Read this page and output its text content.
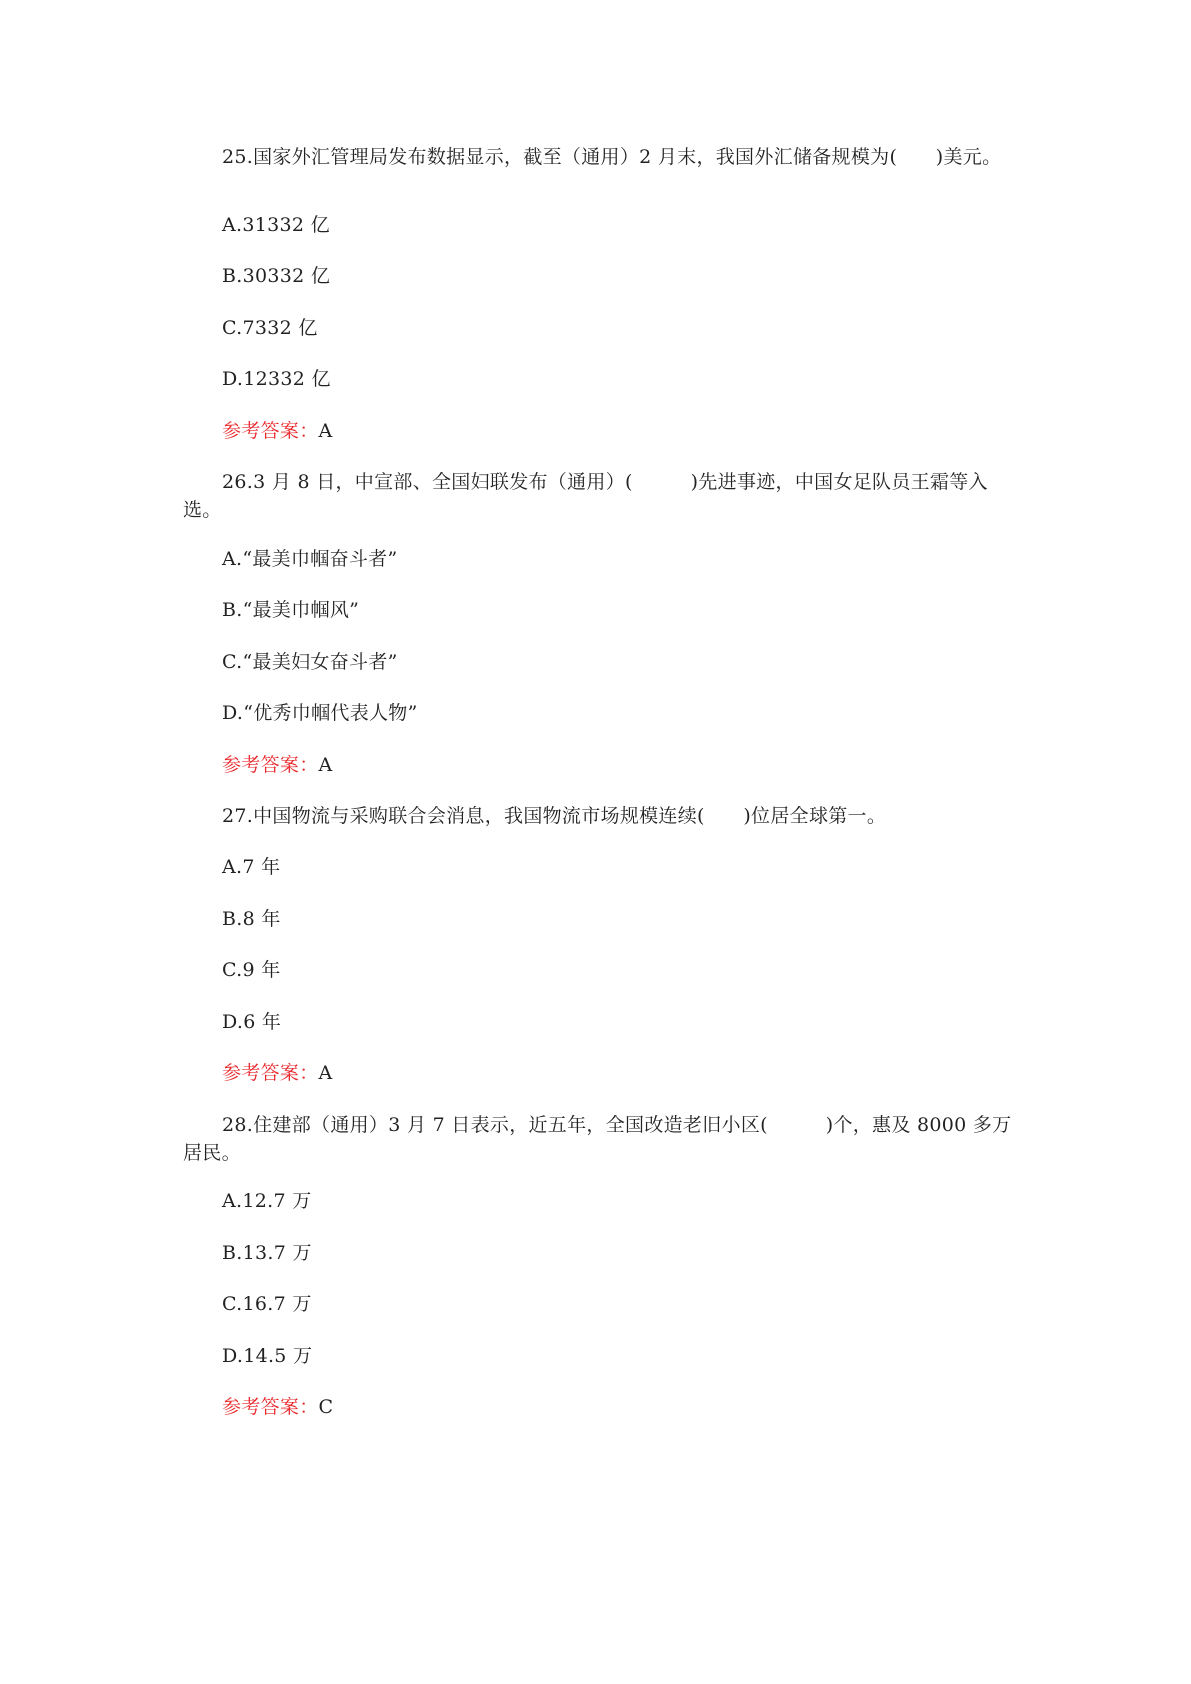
25.国家外汇管理局发布数据显示，截至（通用）2 月末，我国外汇储备规模为(　　)美元。
A.31332 亿
B.30332 亿
C.7332 亿
D.12332 亿
参考答案：A
26.3 月 8 日，中宣部、全国妇联发布（通用）(　　　)先进事迹，中国女足队员王霜等入选。
A.“最美巾帼奋斗者”
B.“最美巾帼风”
C.“最美妇女奋斗者”
D.“优秀巾帼代表人物”
参考答案：A
27.中国物流与采购联合会消息，我国物流市场规模连续(　　)位居全球第一。
A.7 年
B.8 年
C.9 年
D.6 年
参考答案：A
28.住建部（通用）3 月 7 日表示，近五年，全国改造老旧小区(　　　)个，惠及 8000 多万居民。
A.12.7 万
B.13.7 万
C.16.7 万
D.14.5 万
参考答案：C
